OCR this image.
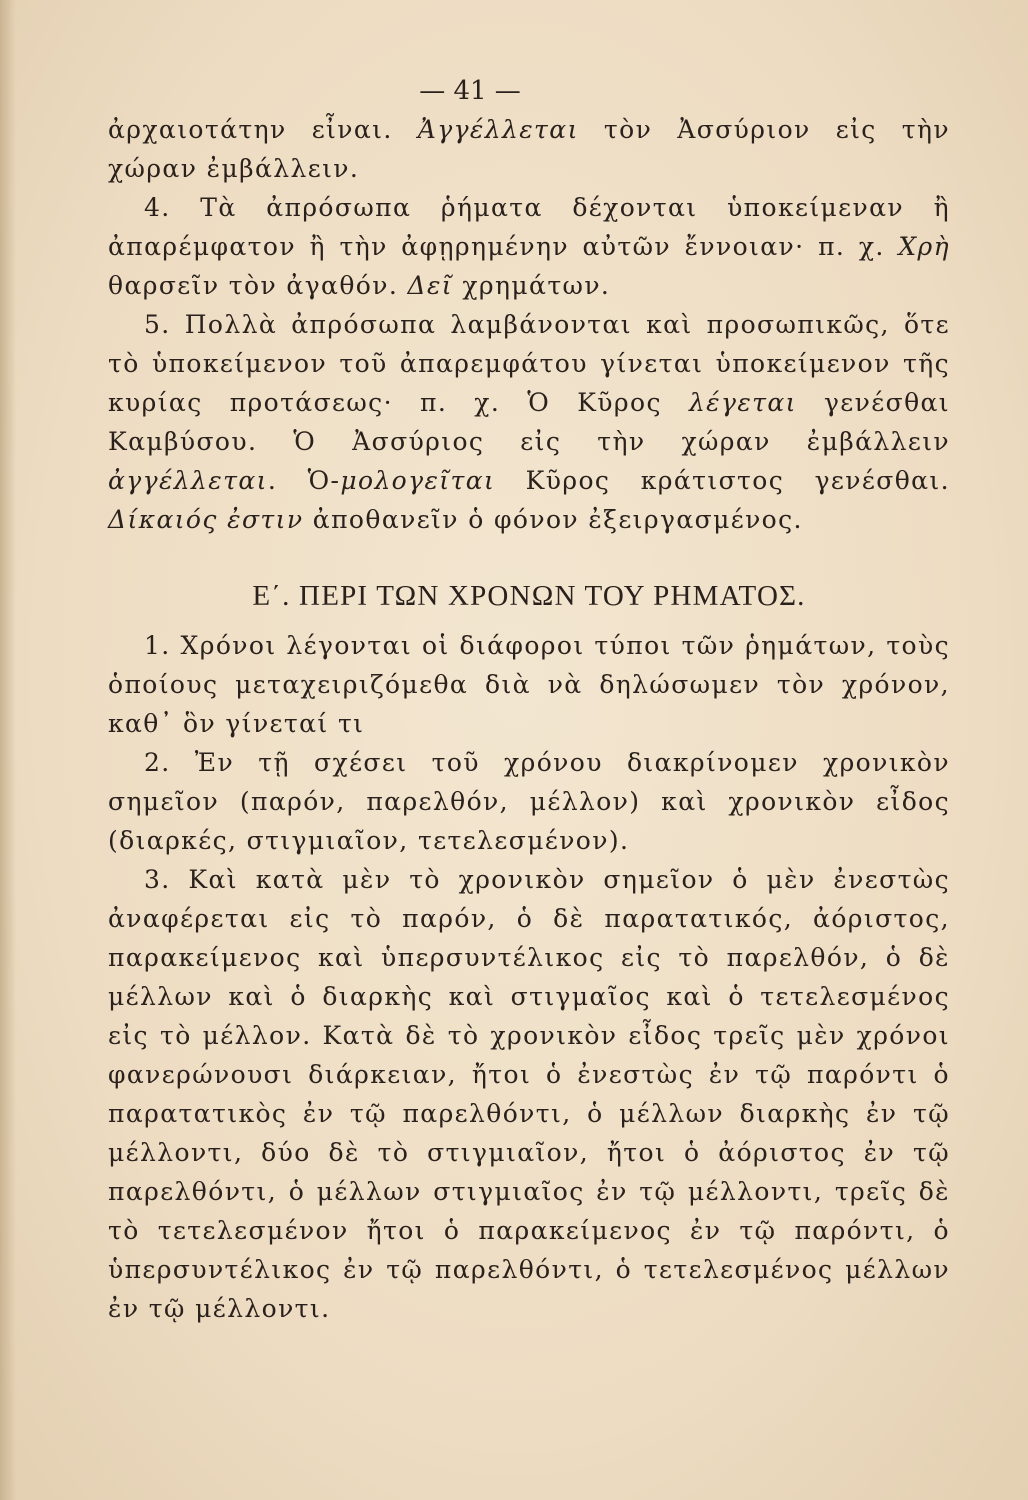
— 41 —

ἀρχαιοτάτην εἶναι. Ἀγγέλλεται τὸν Ἀσσύριον εἰς τὴν χώραν ἐμβάλλειν.

4. Τὰ ἀπρόσωπα ῥήματα δέχονται ὑποκείμεναν ἢ ἀπαρέμφατον ἢ τὴν ἀφῃρημένην αὐτῶν ἔννοιαν· π. χ. Χρὴ θαρσεῖν τὸν ἀγαθόν. Δεῖ χρημάτων.

5. Πολλὰ ἀπρόσωπα λαμβάνονται καὶ προσωπικῶς, ὅτε τὸ ὑποκείμενον τοῦ ἀπαρεμφάτου γίνεται ὑποκείμενον τῆς κυρίας προτάσεως· π. χ. Ὁ Κῦρος λέγεται γενέσθαι Καμβύσου. Ὁ Ἀσσύριος εἰς τὴν χώραν ἐμβάλλειν ἀγγέλλεται. Ὁ-μολογεῖται Κῦρος κράτιστος γενέσθαι. Δίκαιός ἐστιν ἀποθανεῖν ὁ φόνον ἐξειργασμένος.

Ε΄. ΠΕΡΙ ΤΩΝ ΧΡΟΝΩΝ ΤΟΥ ΡΗΜΑΤΟΣ.

1. Χρόνοι λέγονται οἱ διάφοροι τύποι τῶν ῥημάτων, τοὺς ὁποίους μεταχειριζόμεθα διὰ νὰ δηλώσωμεν τὸν χρόνον, καθ᾽ ὃν γίνεταί τι

2. Ἐν τῇ σχέσει τοῦ χρόνου διακρίνομεν χρονικὸν σημεῖον (παρόν, παρελθόν, μέλλον) καὶ χρονικὸν εἶδος (διαρκές, στιγμιαῖον, τετελεσμένον).

3. Καὶ κατὰ μὲν τὸ χρονικὸν σημεῖον ὁ μὲν ἐνεστὼς ἀναφέρεται εἰς τὸ παρόν, ὁ δὲ παρατατικός, ἀόριστος, παρακείμενος καὶ ὑπερσυντέλικος εἰς τὸ παρελθόν, ὁ δὲ μέλλων καὶ ὁ διαρκὴς καὶ στιγμαῖος καὶ ὁ τετελεσμένος εἰς τὸ μέλλον. Κατὰ δὲ τὸ χρονικὸν εἶδος τρεῖς μὲν χρόνοι φανερώνουσι διάρκειαν, ἤτοι ὁ ἐνεστὼς ἐν τῷ παρόντι ὁ παρατατικὸς ἐν τῷ παρελθόντι, ὁ μέλλων διαρκὴς ἐν τῷ μέλλοντι, δύο δὲ τὸ στιγμιαῖον, ἤτοι ὁ ἀόριστος ἐν τῷ παρελθόντι, ὁ μέλλων στιγμιαῖος ἐν τῷ μέλλοντι, τρεῖς δὲ τὸ τετελεσμένον ἤτοι ὁ παρακείμενος ἐν τῷ παρόντι, ὁ ὑπερσυντέλικος ἐν τῷ παρελθόντι, ὁ τετελεσμένος μέλλων ἐν τῷ μέλλοντι.
